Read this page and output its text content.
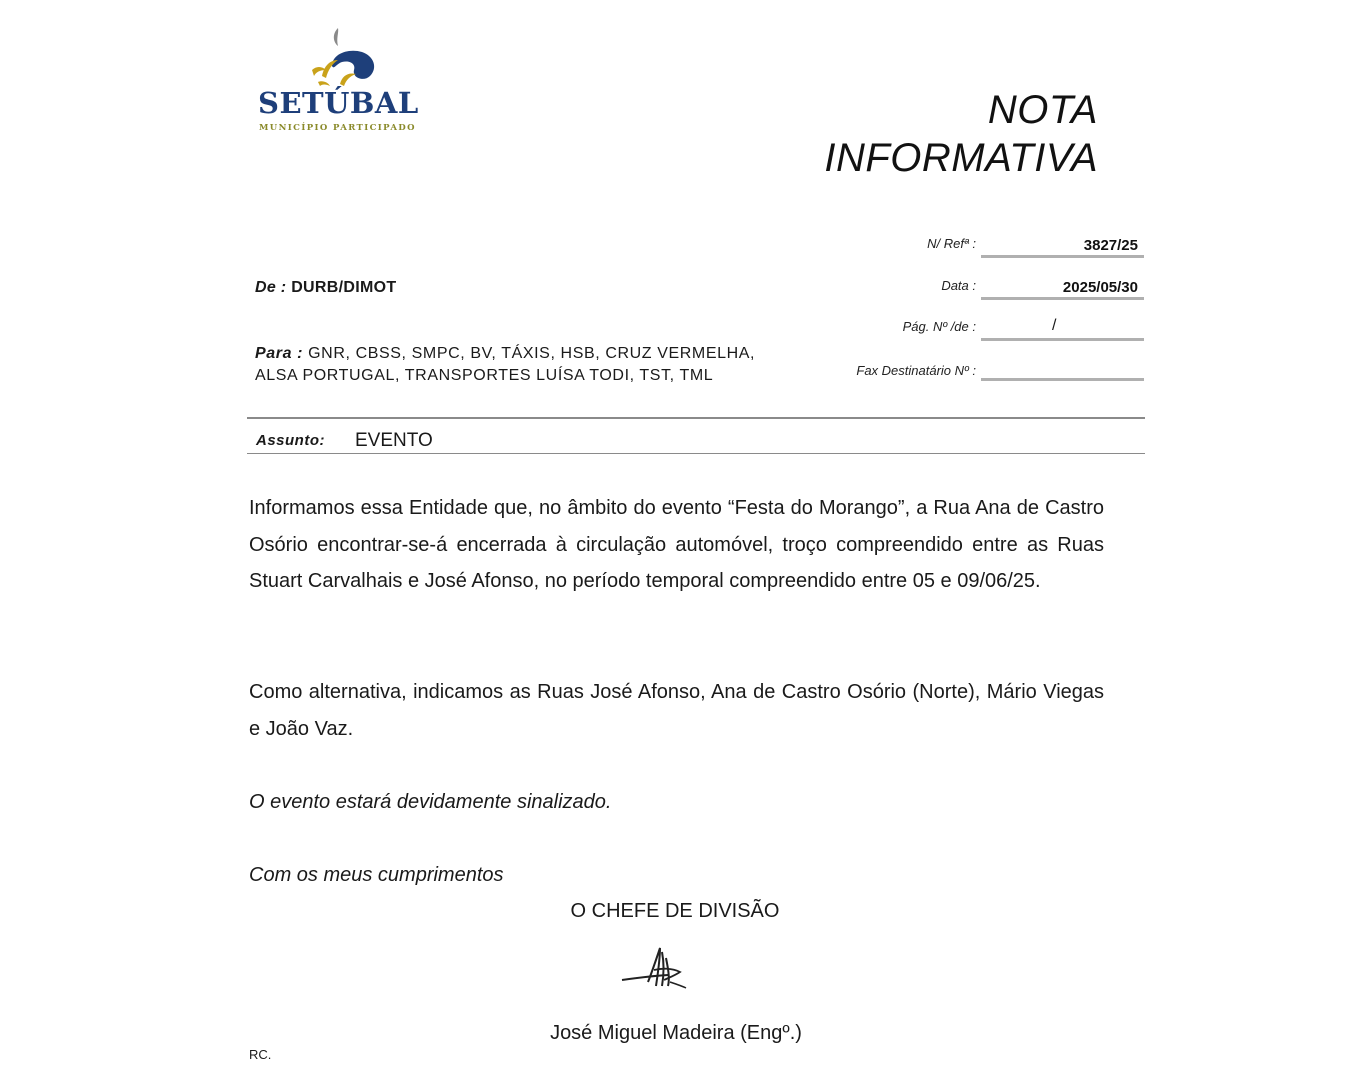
SETÚBAL
MUNICÍPIO PARTICIPADO	NOTA
INFORMATIVA
N/ Refª :	3827/25
Data :	2025/05/30
Pág. Nº /de :	/
Fax Destinatário Nº :
De : DURB/DIMOT
Para : GNR, CBSS, SMPC, BV, TÁXIS, HSB, CRUZ VERMELHA,
ALSA PORTUGAL, TRANSPORTES LUÍSA TODI, TST, TML
Assunto: EVENTO
Informamos essa Entidade que, no âmbito do evento “Festa do Morango”, a Rua Ana de Castro Osório encontrar-se-á encerrada à circulação automóvel, troço compreendido entre as Ruas Stuart Carvalhais e José Afonso, no período temporal compreendido entre 05 e 09/06/25.
Como alternativa, indicamos as Ruas José Afonso, Ana de Castro Osório (Norte), Mário Viegas e João Vaz.
O evento estará devidamente sinalizado.
Com os meus cumprimentos
O CHEFE DE DIVISÃO
José Miguel Madeira (Engº.)
RC.
